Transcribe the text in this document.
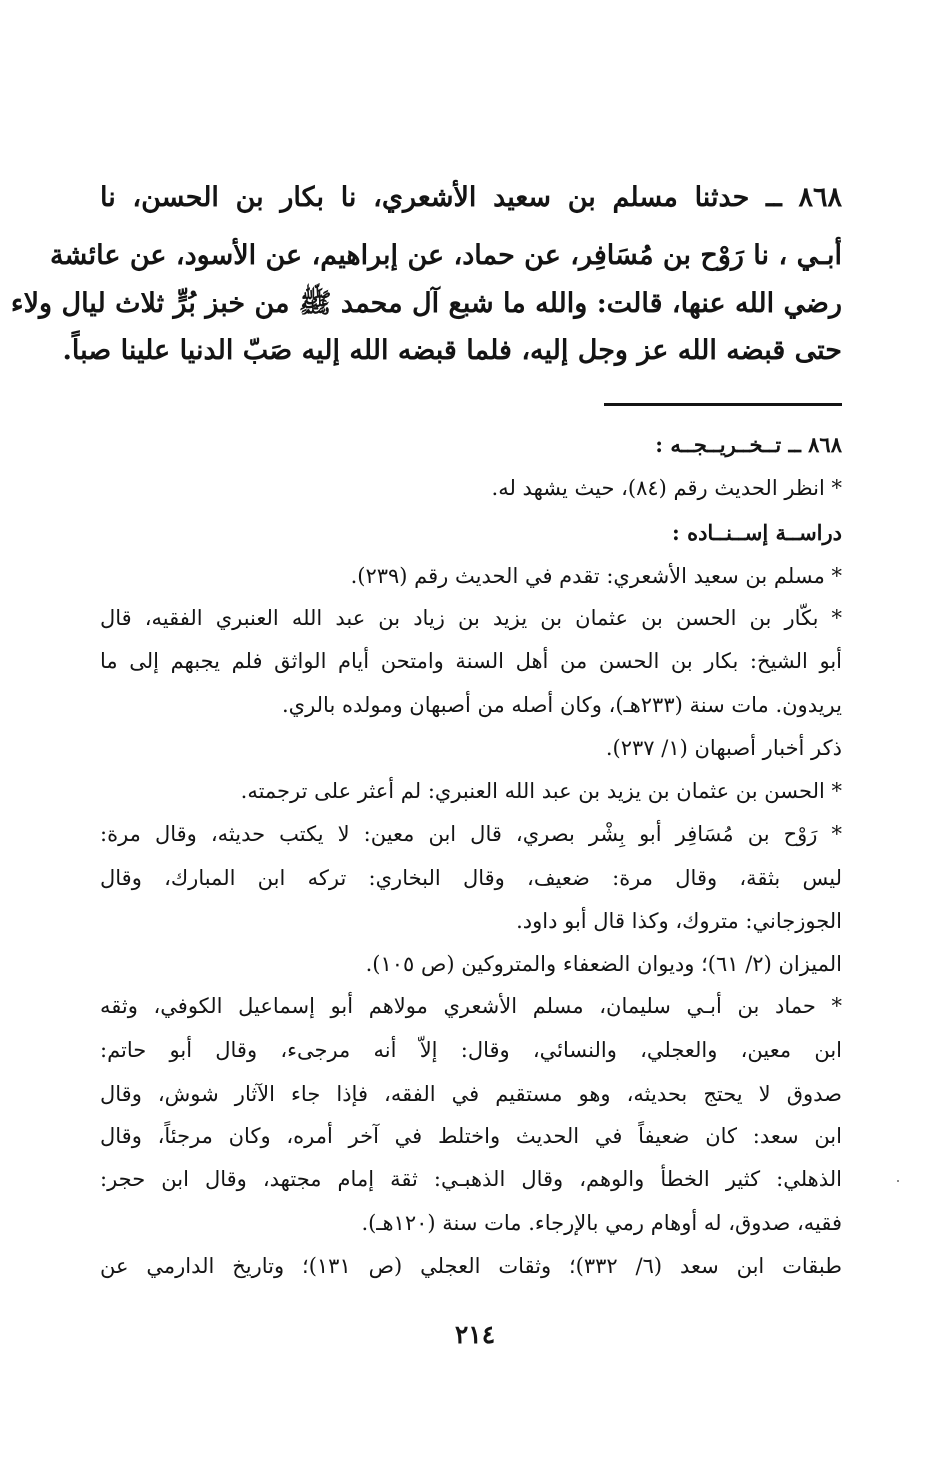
٨٦٨ ــ حدثنا مسلم بن سعيد الأشعري، نا بكار بن الحسن، نا
أبـي ، نا رَوْح بن مُسَافِر، عن حماد، عن إبراهيم، عن الأسود، عن عائشة
رضي الله عنها، قالت: والله ما شبع آل محمد ﷺ من خبز بُرٍّ ثلاث ليال ولاء
حتى قبضه الله عز وجل إليه، فلما قبضه الله إليه صَبّ الدنيا علينا صباً.
٨٦٨ ــ تــخــريــجــه :
* انظر الحديث رقم (٨٤)، حيث يشهد له.
دراســة إســنــاده :
* مسلم بن سعيد الأشعري: تقدم في الحديث رقم (٢٣٩).
* بكّار بن الحسن بن عثمان بن يزيد بن زياد بن عبد الله العنبري الفقيه، قال
أبو الشيخ: بكار بن الحسن من أهل السنة وامتحن أيام الواثق فلم يجبهم إلى ما
يريدون. مات سنة (٢٣٣هـ)، وكان أصله من أصبهان ومولده بالري.
ذكر أخبار أصبهان (١/ ٢٣٧).
* الحسن بن عثمان بن يزيد بن عبد الله العنبري: لم أعثر على ترجمته.
* رَوْح بن مُسَافِر أبو بِشْر بصري، قال ابن معين: لا يكتب حديثه، وقال مرة:
ليس بثقة، وقال مرة: ضعيف، وقال البخاري: تركه ابن المبارك، وقال
الجوزجاني: متروك، وكذا قال أبو داود.
الميزان (٢/ ٦١)؛ وديوان الضعفاء والمتروكين (ص ١٠٥).
* حماد بن أبـي سليمان، مسلم الأشعري مولاهم أبو إسماعيل الكوفي، وثقه
ابن معين، والعجلي، والنسائي، وقال: إلاّ أنه مرجىء، وقال أبو حاتم:
صدوق لا يحتج بحديثه، وهو مستقيم في الفقه، فإذا جاء الآثار شوش، وقال
ابن سعد: كان ضعيفاً في الحديث واختلط في آخر أمره، وكان مرجئاً، وقال
الذهلي: كثير الخطأ والوهم، وقال الذهبـي: ثقة إمام مجتهد، وقال ابن حجر:
فقيه، صدوق، له أوهام رمي بالإرجاء. مات سنة (١٢٠هـ).
طبقات ابن سعد (٦/ ٣٣٢)؛ وثقات العجلي (ص ١٣١)؛ وتاريخ الدارمي عن
٢١٤
